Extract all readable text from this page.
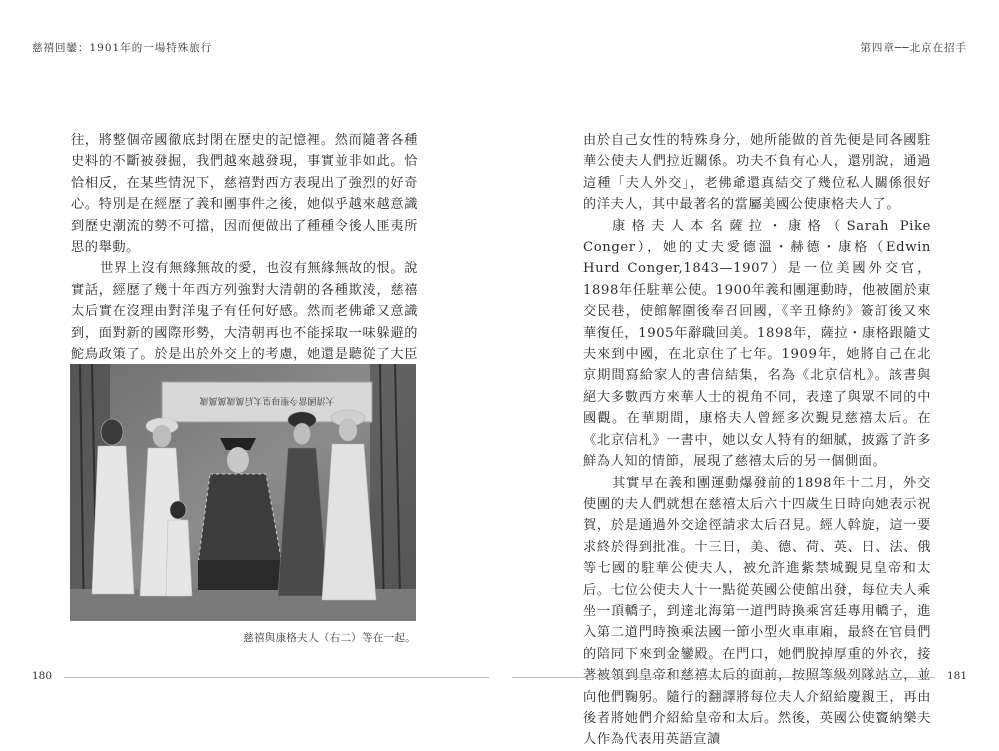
慈禧回鑾：1901年的一場特殊旅行	第四章──北京在招手

往，將整個帝國徹底封閉在歷史的記憶裡。然而隨著各種史料的不斷被發掘，我們越來越發現，事實並非如此。恰恰相反，在某些情況下，慈禧對西方表現出了強烈的好奇心。特別是在經歷了義和團事件之後，她似乎越來越意識到歷史潮流的勢不可擋，因而便做出了種種令後人匪夷所思的舉動。

世界上沒有無緣無故的愛，也沒有無緣無故的恨。說實話，經歷了幾十年西方列強對大清朝的各種欺淩，慈禧太后實在沒理由對洋鬼子有任何好感。然而老佛爺又意識到，面對新的國際形勢，大清朝再也不能採取一味躲避的鮀鳥政策了。於是出於外交上的考慮，她還是聽從了大臣

大清國當今聖母皇太后萬歲萬萬歲
慈禧與康格夫人（右二）等在一起。

由於自己女性的特殊身分，她所能做的首先便是同各國駐華公使夫人們拉近關係。功夫不負有心人，還別說，通過這種「夫人外交」，老佛爺還真結交了幾位私人關係很好的洋夫人，其中最著名的當屬美國公使康格夫人了。

康格夫人本名薩拉・康格（Sarah Pike Conger），她的丈夫愛德溫・赫德・康格（Edwin Hurd Conger,1843—1907）是一位美國外交官，1898年任駐華公使。1900年義和團運動時，他被圍於東交民巷，使館解圍後奉召回國，《辛丑條約》簽訂後又來華復任，1905年辭職回美。1898年，薩拉・康格跟隨丈夫來到中國，在北京住了七年。1909年，她將自己在北京期間寫給家人的書信結集，名為《北京信札》。該書與絕大多數西方來華人士的視角不同，表達了與眾不同的中國觀。在華期間，康格夫人曾經多次覲見慈禧太后。在《北京信札》一書中，她以女人特有的細膩，披露了許多鮮為人知的情節，展現了慈禧太后的另一個側面。

其實早在義和團運動爆發前的1898年十二月，外交使團的夫人們就想在慈禧太后六十四歲生日時向她表示祝賀，於是通過外交途徑請求太后召見。經人斡旋，這一要求終於得到批准。十三日，美、德、荷、英、日、法、俄等七國的駐華公使夫人，被允許進紫禁城覲見皇帝和太后。七位公使夫人十一點從英國公使館出發，每位夫人乘坐一頂轎子，到達北海第一道門時換乘宮廷專用轎子，進入第二道門時換乘法國一節小型火車車廂，最終在官員們的陪同下來到金鑾殿。在門口，她們脫掉厚重的外衣，接著被領到皇帝和慈禧太后的面前，按照等級列隊站立，並向他們鞠躬。隨行的翻譯將每位夫人介紹給慶親王，再由後者將她們介紹給皇帝和太后。然後，英國公使竇納樂夫人作為代表用英語宣讀

180	181
